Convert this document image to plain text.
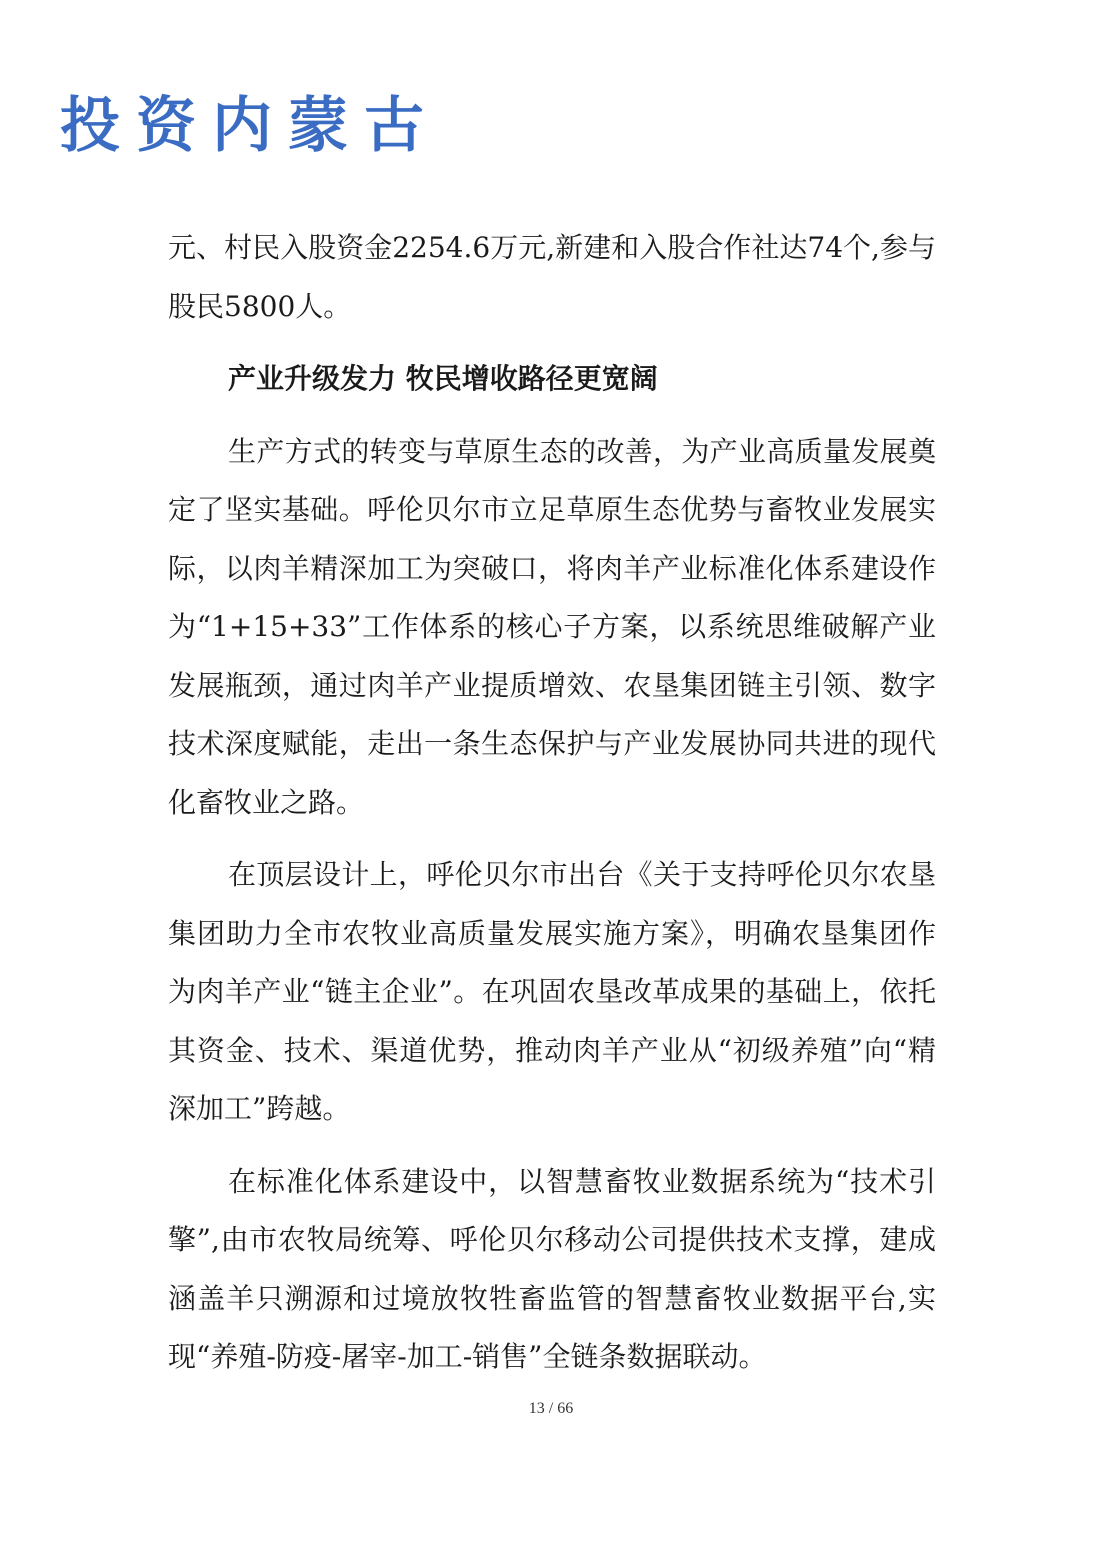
投资内蒙古

元、村民入股资金2254.6万元,新建和入股合作社达74个,参与股民5800人。

产业升级发力 牧民增收路径更宽阔

生产方式的转变与草原生态的改善，为产业高质量发展奠定了坚实基础。呼伦贝尔市立足草原生态优势与畜牧业发展实际，以肉羊精深加工为突破口，将肉羊产业标准化体系建设作为“1+15+33”工作体系的核心子方案，以系统思维破解产业发展瓶颈，通过肉羊产业提质增效、农垦集团链主引领、数字技术深度赋能，走出一条生态保护与产业发展协同共进的现代化畜牧业之路。

在顶层设计上，呼伦贝尔市出台《关于支持呼伦贝尔农垦集团助力全市农牧业高质量发展实施方案》，明确农垦集团作为肉羊产业“链主企业”。在巩固农垦改革成果的基础上，依托其资金、技术、渠道优势，推动肉羊产业从“初级养殖”向“精深加工”跨越。

在标准化体系建设中，以智慧畜牧业数据系统为“技术引擎”,由市农牧局统筹、呼伦贝尔移动公司提供技术支撑，建成涵盖羊只溯源和过境放牧牲畜监管的智慧畜牧业数据平台,实现“养殖-防疫-屠宰-加工-销售”全链条数据联动。

13 / 66
